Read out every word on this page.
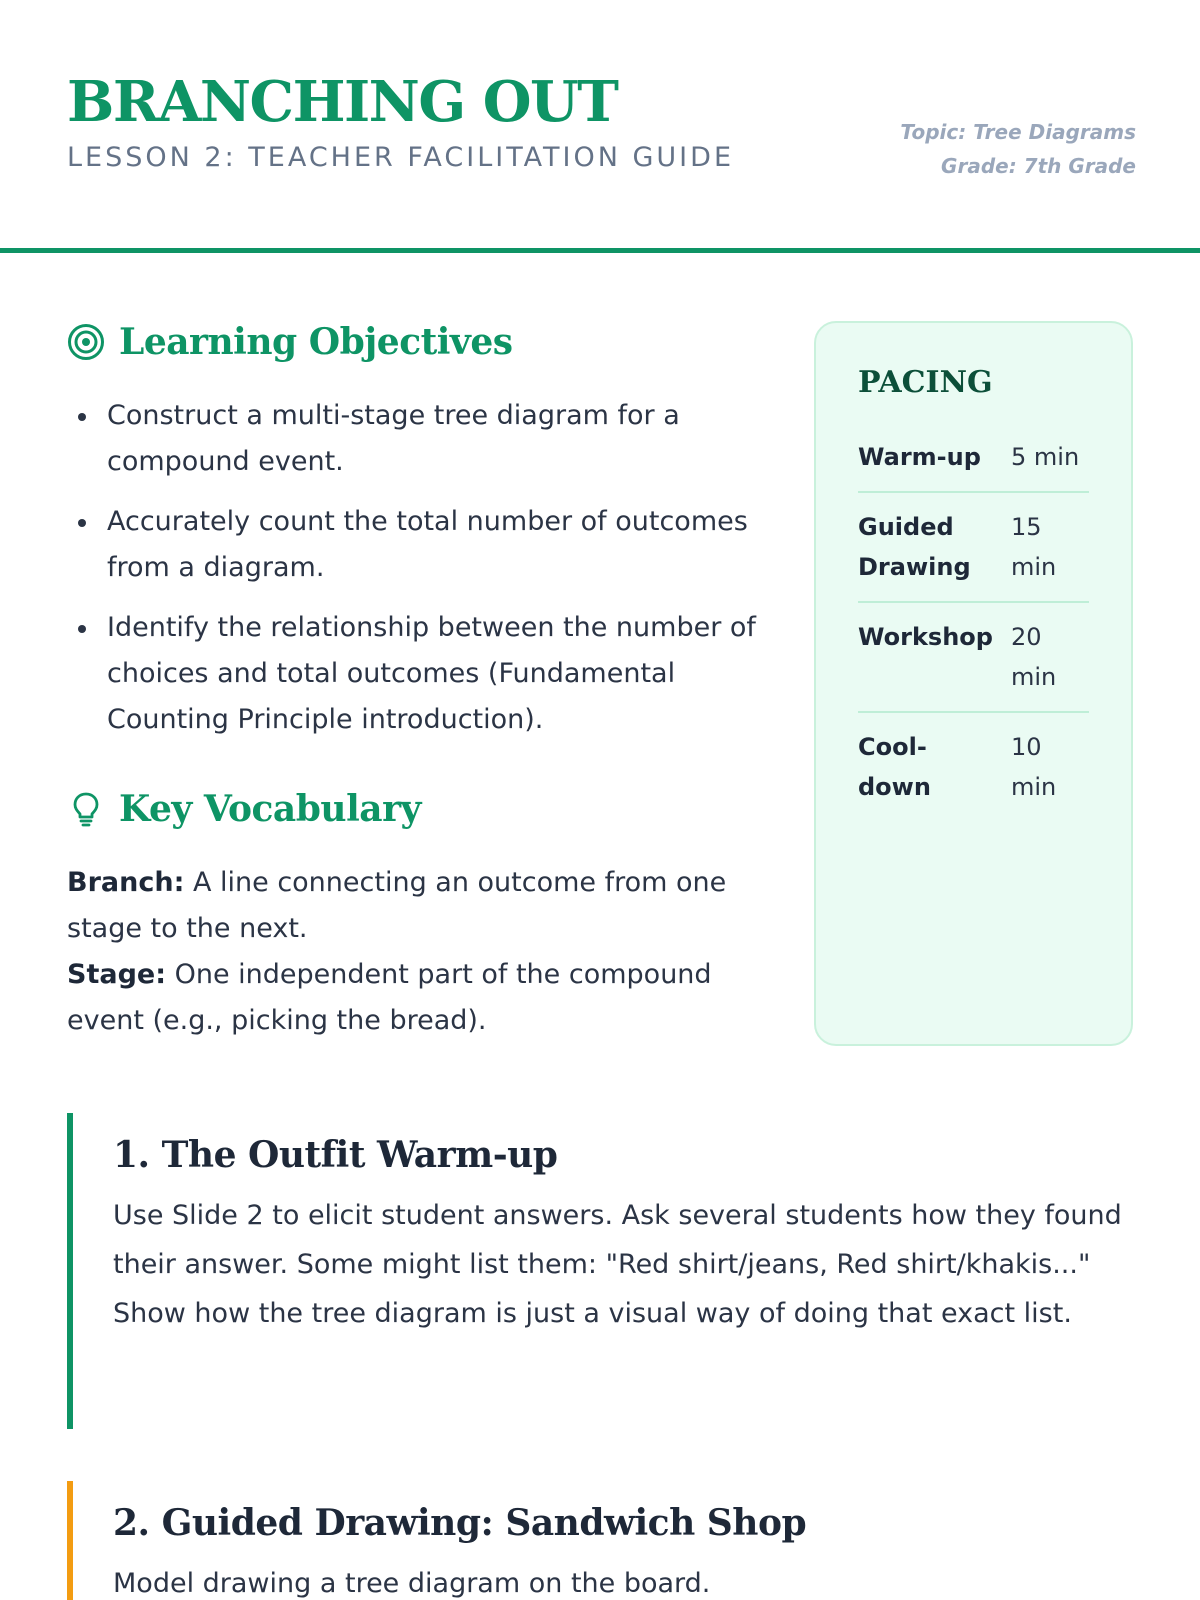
BRANCHING OUT
LESSON 2: TEACHER FACILITATION GUIDE
Topic: Tree Diagrams
Grade: 7th Grade
Learning Objectives
Construct a multi-stage tree diagram for a compound event.
Accurately count the total number of outcomes from a diagram.
Identify the relationship between the number of choices and total outcomes (Fundamental Counting Principle introduction).
Key Vocabulary
Branch: A line connecting an outcome from one stage to the next.
Stage: One independent part of the compound event (e.g., picking the bread).
PACING
Warm-up	5 min
Guided Drawing
15 min
Workshop 20 min
Cool-down
10 min
1. The Outfit Warm-up

Use Slide 2 to elicit student answers. Ask several students how they found their answer. Some might list them: "Red shirt/jeans, Red shirt/khakis..." Show how the tree diagram is just a visual way of doing that exact list.

2. Guided Drawing: Sandwich Shop

Model drawing a tree diagram on the board.
